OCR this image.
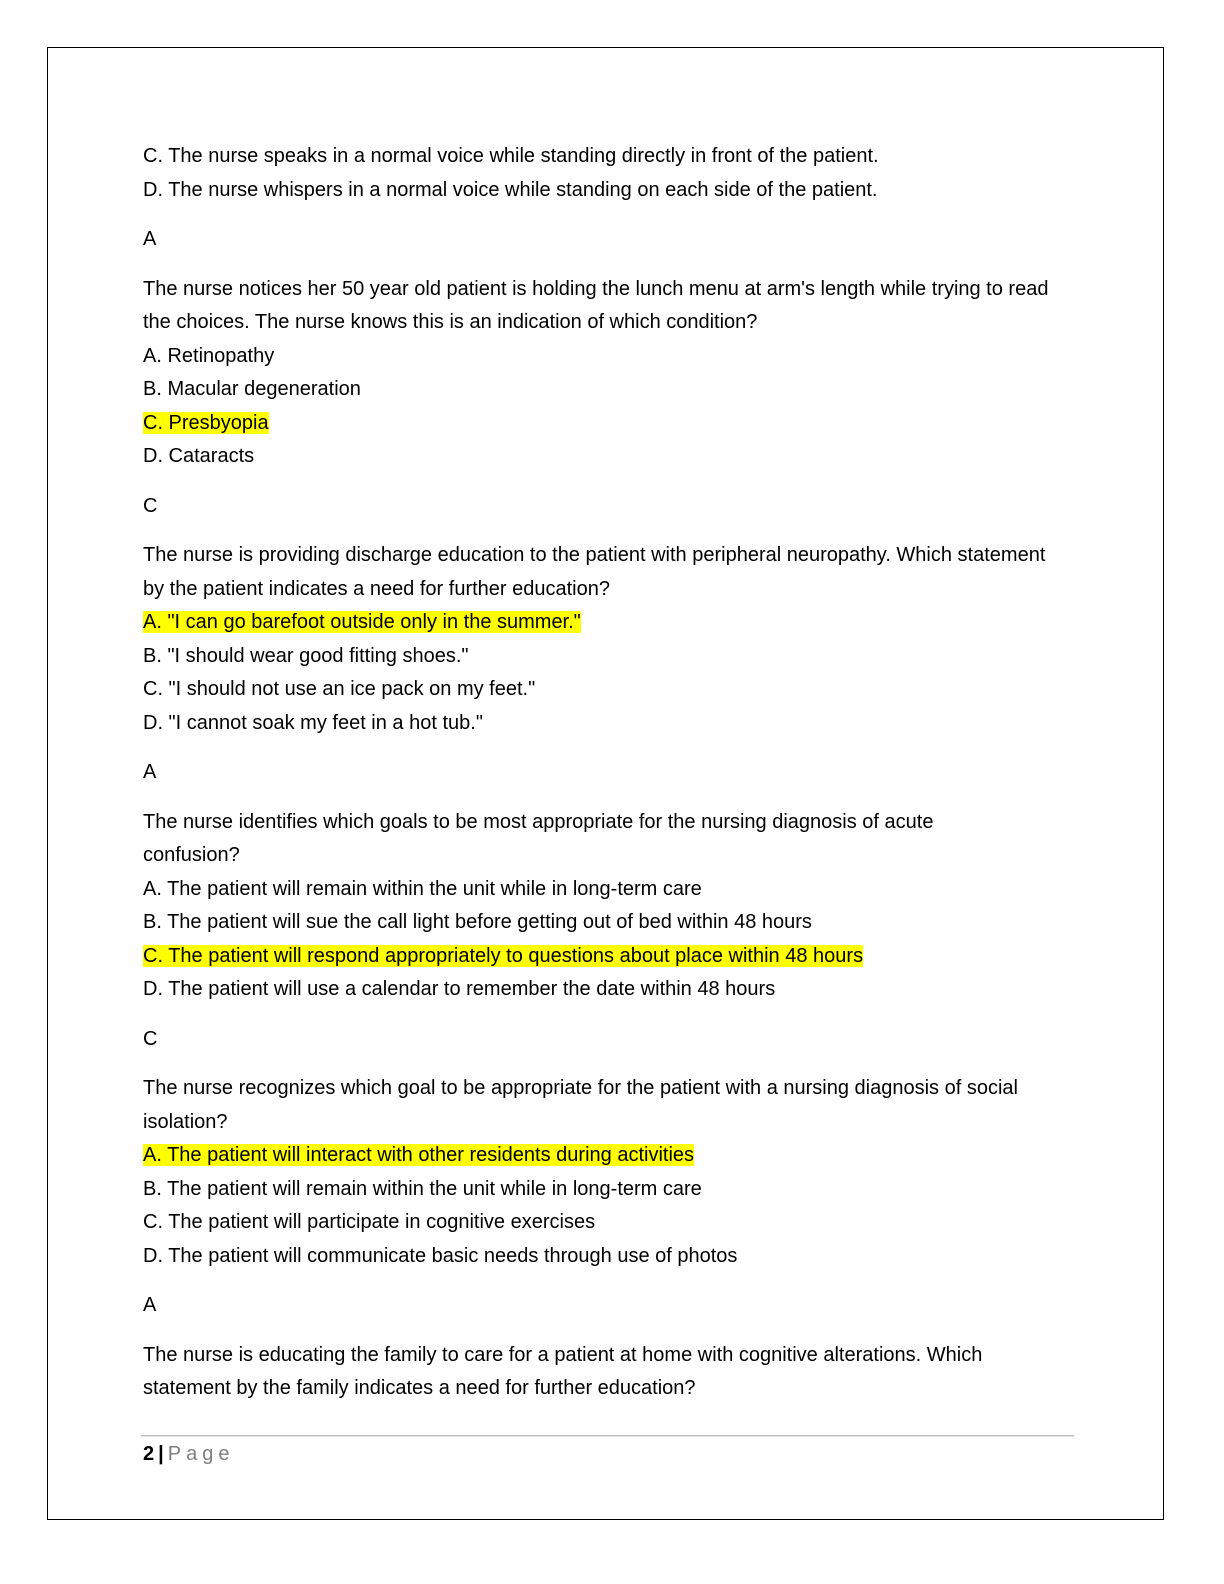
C. The nurse speaks in a normal voice while standing directly in front of the patient.
D. The nurse whispers in a normal voice while standing on each side of the patient.
A
The nurse notices her 50 year old patient is holding the lunch menu at arm's length while trying to read the choices. The nurse knows this is an indication of which condition?
A. Retinopathy
B. Macular degeneration
C. Presbyopia
D. Cataracts
C
The nurse is providing discharge education to the patient with peripheral neuropathy. Which statement by the patient indicates a need for further education?
A. "I can go barefoot outside only in the summer."
B. "I should wear good fitting shoes."
C. "I should not use an ice pack on my feet."
D. "I cannot soak my feet in a hot tub."
A
The nurse identifies which goals to be most appropriate for the nursing diagnosis of acute confusion?
A. The patient will remain within the unit while in long-term care
B. The patient will sue the call light before getting out of bed within 48 hours
C. The patient will respond appropriately to questions about place within 48 hours
D. The patient will use a calendar to remember the date within 48 hours
C
The nurse recognizes which goal to be appropriate for the patient with a nursing diagnosis of social isolation?
A. The patient will interact with other residents during activities
B. The patient will remain within the unit while in long-term care
C. The patient will participate in cognitive exercises
D. The patient will communicate basic needs through use of photos
A
The nurse is educating the family to care for a patient at home with cognitive alterations. Which statement by the family indicates a need for further education?
2 | Page
